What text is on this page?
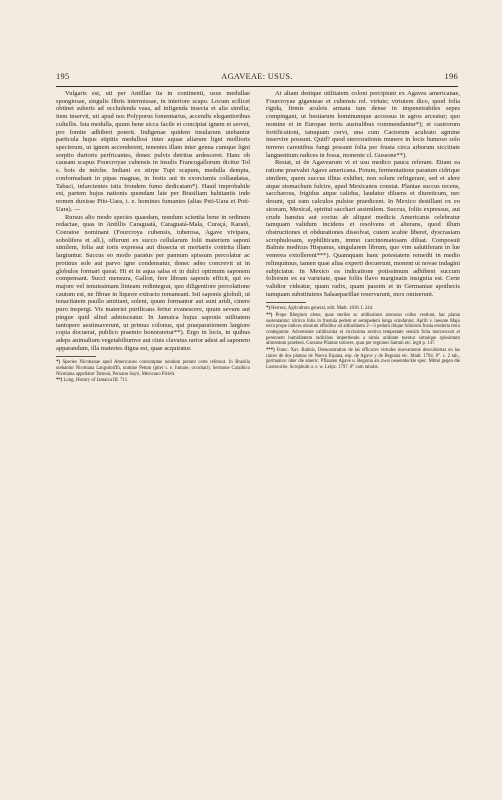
195	AGAVEAE: USUS.	196

Vulgaris est, uti per Antillas ita in continenti, usus medullae spongiosae, singulis fibris intermissae, in interiore scapo. Locum scilicet obtinet suberis ad occludenda vasa, ad infigenda insecta et alia similia; item inservit, uti apud nos Polyporus fomentarius, accendis elegantioribus cultellis. Ista medulla, quum bene sicca facile et concipiat ignem et servet, pro fomite adhiberi poterit. Indigenae quidem insularum utebantur particula hujus stipitis medullosi inter aquae aliarum ligni mollioris specierum, ut ignem accenderent, tenentes illam inter genua cumque ligni sorptio durioris perfricantes, donec pulvis detritus ardesceret. Hanc ob causam scapus Fourcroyae cubensis in insulis Francogallorum dicitur Tol s. bois de mèche. Indiani ex stirpe Tupi scapum, medulla dempta, conformabant in pipas magnas, in festis aut in exorcismis collaudatas, Tabaci, infarcientes istis frondem fumo dedicatam*). Haud improbabile est, partem hujus nationis quondam late per Brasiliam habitantis inde nomen duxisse Pito-Uara, i. e. homines fumantes (alias Peti-Uara et Poti-Uara). —

Rursus alio modo species quaedam, nondum scientia bene in ordinem redactae, quas in Antillis Caraguatá, Caraguatá-Mala, Curaçá, Karatô, Coeratoe nominant (Fourcroya cubensis, tuberosa, Agave vivipara, sobolifera et all.), offerunt ex succo cellularum folii materiem saponi similem, folia aut toris expressa aut dissecta et mortariis contrita illam largiuntur. Succus eo modo paratus per pannum spissum percolatur ac protinus sole aut parvo igne condensatur, donec adeo concrevit ut in globulos formari queat. Hi et in aqua salsa et in dulci optimum saponem compensant. Succi mensura, Gallon, fere libram saponis efficit, qui eo majore vel tenuissimam linteam redintegrat, quo diligentiore percolatione cautum est, ne fibrae in liquore extracto remaneant. Isti saponis globuli, ut tenacitatem paullo amittant, solent, quum formantur aut sunt aridi, cinere puro inspergi. Vis materiei purificans fertur evanescere, quum sevum aut pingue quid aliud admisceatur. In Jamaica hujus saponis utilitatem tantopere aestimaverunt, ut primus colonus, qui praeparationem largiore copia docuerat, publico praemio honoraretur**). Ergo in locis, in quibus adeps animalium vegetabiliumve aut cinis clavatus rarior adest ad saponem apparandum, illa materies digna est, quae acquiratur.

*) Species Nicotianae apud Americanos consumptae nondum potiant certe referunt. In Brasilia utebantur Nicotiana Langsdorffii, nomine Petum (piter i. e. fumare, occultari). Sermone Caraibico Nicotiana appellatur Tamoui, Peruano Sayri, Mexicano Picielt.
**) Long, History of Jamaica III. 711.

At aliam denique utilitatem coloni percipiunt ex Agaves americanae, Fourcroyae giganteae et cubensis rel. virtute; virtutem dico, quod folia rigida, firmis aculeis armata tam dense in impenetrabiles sepes compingant, ut bestiarum hominumque accessus in agros arceatur; quo nomine et in Europae terris australibus commendantur*); et castrorum fortificationi, tamquam cervi, una cum Cactorum aculeato agmine inservire possunt. Quid? quod stercorationis munere in locis humoso solo terreno carentibus fungi possunt folia per frusta circa arborum sicciitate languentium radices in fossa, monente cl. Gussone**).

Restat, ut de Agavearum vi et usu medico pauca referam. Etiam ea ratione praevalet Agave americana. Potum, fermentatione paratum cidrique similem, quem succus illius exhibet, non solum refrigerare, sed et alere atque stomachum fulcire, apud Mexicanos constat. Plantae succus recens, saccharous, frigidus atque calidus, laudatur diluens et diureticum, nec desunt, qui eam calculos pulsise praedicent. In Mexico destillant ex eo siceram, Mexical, spiritui sacchari assimilem. Succus, foliis expressus, aut crude hanstus aut coctus ab aliquot medicis Americanis celebratur tamquam validum incidens et resolvens et alterans, quod illum obstructiones et obdurationes dissolvat, cutem scabie liberet, dyscrasiam scrophulosam, syphiliticam, immo carcinomatosam diluat. Composuit Balmis medicus Hispanus, singularem librum, quo vim salutiferam in lue venerea extollerent***). Quamquam hanc potestatem remedii in medio relinquimus, tamen quae alias experti docuerunt, monent ut novae indagini subjiciatur. In Mexico ea indicatione potissimum adhibent succum foliorum ex ea varietate, quae foliis flavo marginatis insignita est. Certe validior videatur, quam radix, quam passim et in Germaniae apothecis tamquam substitutens Salsaeparillae reservarunt, mox omiserunt.

*) Herrera, Agricultura general, edit. Madr. 1818. I. 244.
**) Prope Rhegium olene, quae steriles ac aridissimos arenosos colles vestiunt, hac planta sustentantur; idcirco folia in frustula pedem et semipedem longa scinduntur, Aprili v. ineunte Majo terra prope radices olearum effoditur ad altitudinem 2—3 pedum ibique foliorum frusta eruderta terra conteguntur. Advenieute calidissima et siccissima aestiva tempestate sensim folia marcescunt et perennem humiditatem radicibus impertiendo a nimia ariditate tuentur simulque spissimum alimentum praebent. Gussone Plantae rariores, quas per regiones Samnii etc. legit p. 147.
***) Franc. Xav. Balmis, Demonstration de las efficaces virtudes nuevamente descubiertas en las raices de dos plantas de Nueva Espana, esp. de Agave y de Begonia etc. Madr. 1794. 8°. c. 2 tab., germanice: über die americ. Pflanzen Agave u. Begonia als zwei neuentdeckte spec. Mittel gegen die Lustseuche, Scrophuln u. s. w. Leipz. 1797. 8° cum tabulis.
